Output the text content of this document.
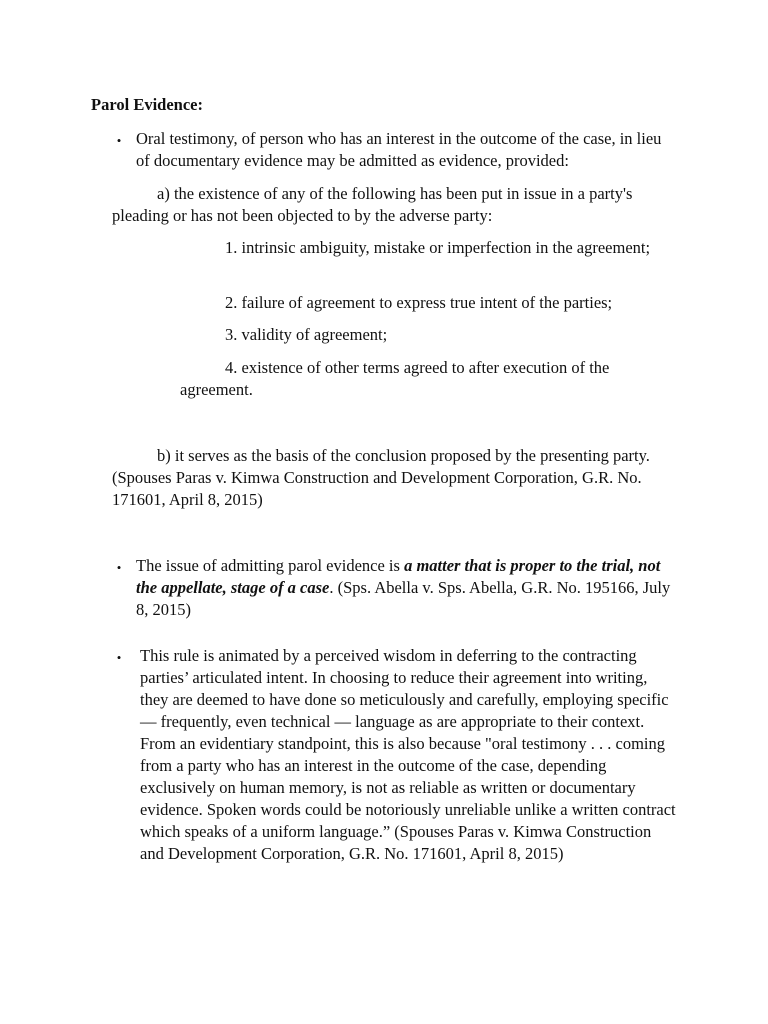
Parol Evidence:
• Oral testimony, of person who has an interest in the outcome of the case, in lieu of documentary evidence may be admitted as evidence, provided:
a) the existence of any of the following has been put in issue in a party's pleading or has not been objected to by the adverse party:
1. intrinsic ambiguity, mistake or imperfection in the agreement;
2. failure of agreement to express true intent of the parties;
3. validity of agreement;
4. existence of other terms agreed to after execution of the agreement.
b) it serves as the basis of the conclusion proposed by the presenting party. (Spouses Paras v. Kimwa Construction and Development Corporation, G.R. No. 171601, April 8, 2015)
• The issue of admitting parol evidence is a matter that is proper to the trial, not the appellate, stage of a case. (Sps. Abella v. Sps. Abella, G.R. No. 195166, July 8, 2015)
• This rule is animated by a perceived wisdom in deferring to the contracting parties’ articulated intent. In choosing to reduce their agreement into writing, they are deemed to have done so meticulously and carefully, employing specific — frequently, even technical — language as are appropriate to their context. From an evidentiary standpoint, this is also because "oral testimony . . . coming from a party who has an interest in the outcome of the case, depending exclusively on human memory, is not as reliable as written or documentary evidence. Spoken words could be notoriously unreliable unlike a written contract which speaks of a uniform language.” (Spouses Paras v. Kimwa Construction and Development Corporation, G.R. No. 171601, April 8, 2015)
